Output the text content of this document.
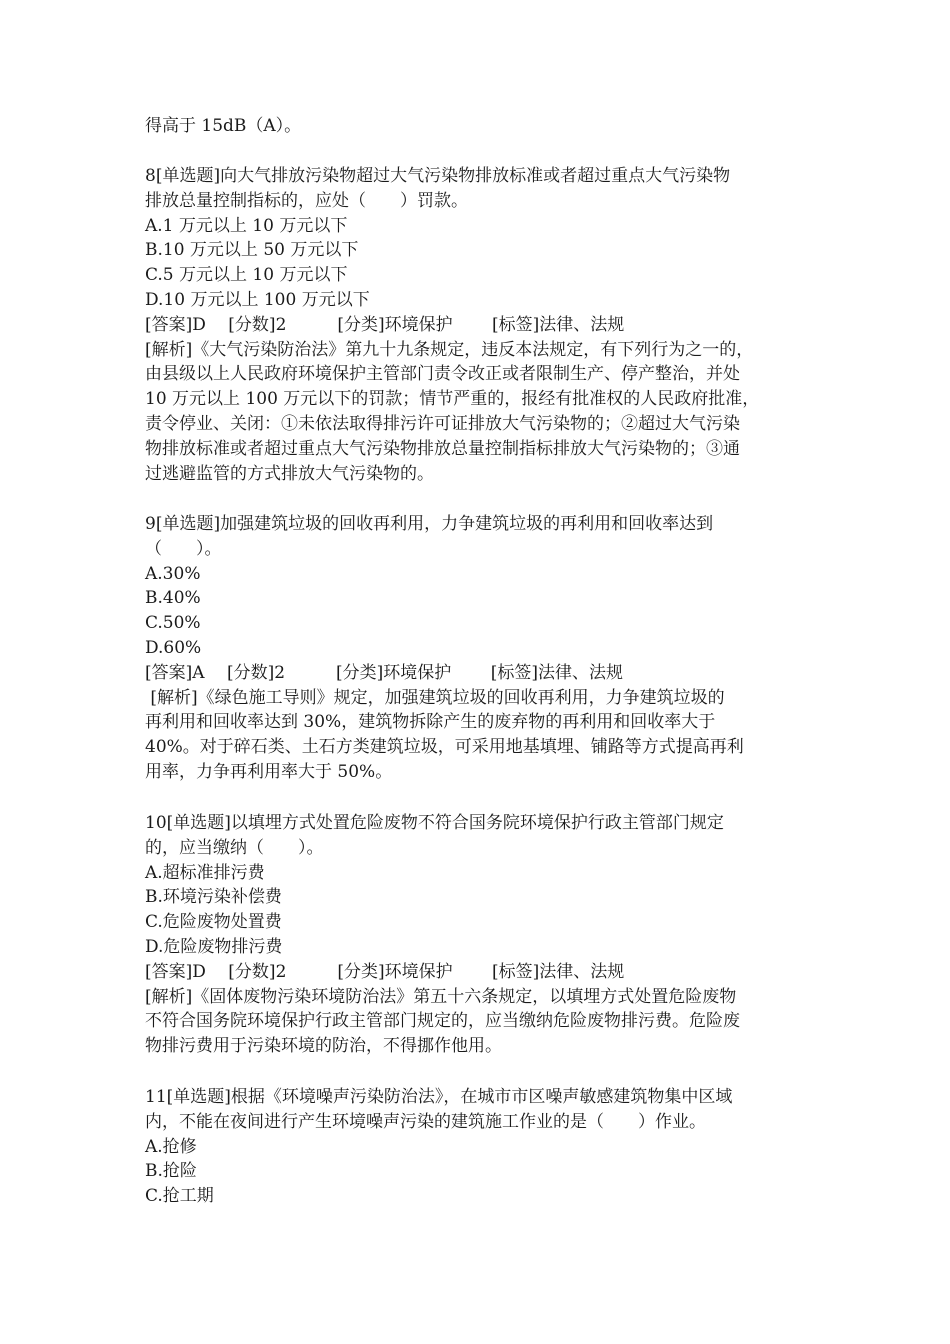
得高于 15dB（A）。
8[单选题]向大气排放污染物超过大气污染物排放标准或者超过重点大气污染物
排放总量控制指标的，应处（　　）罚款。
A.1 万元以上 10 万元以下
B.10 万元以上 50 万元以下
C.5 万元以上 10 万元以下
D.10 万元以上 100 万元以下
[答案]D　 [分数]2　　　[分类]环境保护　　 [标签]法律、法规
[解析]《大气污染防治法》第九十九条规定，违反本法规定，有下列行为之一的，
由县级以上人民政府环境保护主管部门责令改正或者限制生产、停产整治，并处
10 万元以上 100 万元以下的罚款；情节严重的，报经有批准权的人民政府批准，
责令停业、关闭：①未依法取得排污许可证排放大气污染物的；②超过大气污染
物排放标准或者超过重点大气污染物排放总量控制指标排放大气污染物的；③通
过逃避监管的方式排放大气污染物的。
9[单选题]加强建筑垃圾的回收再利用，力争建筑垃圾的再利用和回收率达到
（　　）。
A.30%
B.40%
C.50%
D.60%
[答案]A　 [分数]2　　　[分类]环境保护　　 [标签]法律、法规
[解析]《绿色施工导则》规定，加强建筑垃圾的回收再利用，力争建筑垃圾的
再利用和回收率达到 30%，建筑物拆除产生的废弃物的再利用和回收率大于
40%。对于碎石类、土石方类建筑垃圾，可采用地基填埋、铺路等方式提高再利
用率，力争再利用率大于 50%。
10[单选题]以填埋方式处置危险废物不符合国务院环境保护行政主管部门规定
的，应当缴纳（　　）。
A.超标准排污费
B.环境污染补偿费
C.危险废物处置费
D.危险废物排污费
[答案]D　 [分数]2　　　[分类]环境保护　　 [标签]法律、法规
[解析]《固体废物污染环境防治法》第五十六条规定，以填埋方式处置危险废物
不符合国务院环境保护行政主管部门规定的，应当缴纳危险废物排污费。危险废
物排污费用于污染环境的防治，不得挪作他用。
11[单选题]根据《环境噪声污染防治法》，在城市市区噪声敏感建筑物集中区域
内，不能在夜间进行产生环境噪声污染的建筑施工作业的是（　　）作业。
A.抢修
B.抢险
C.抢工期
